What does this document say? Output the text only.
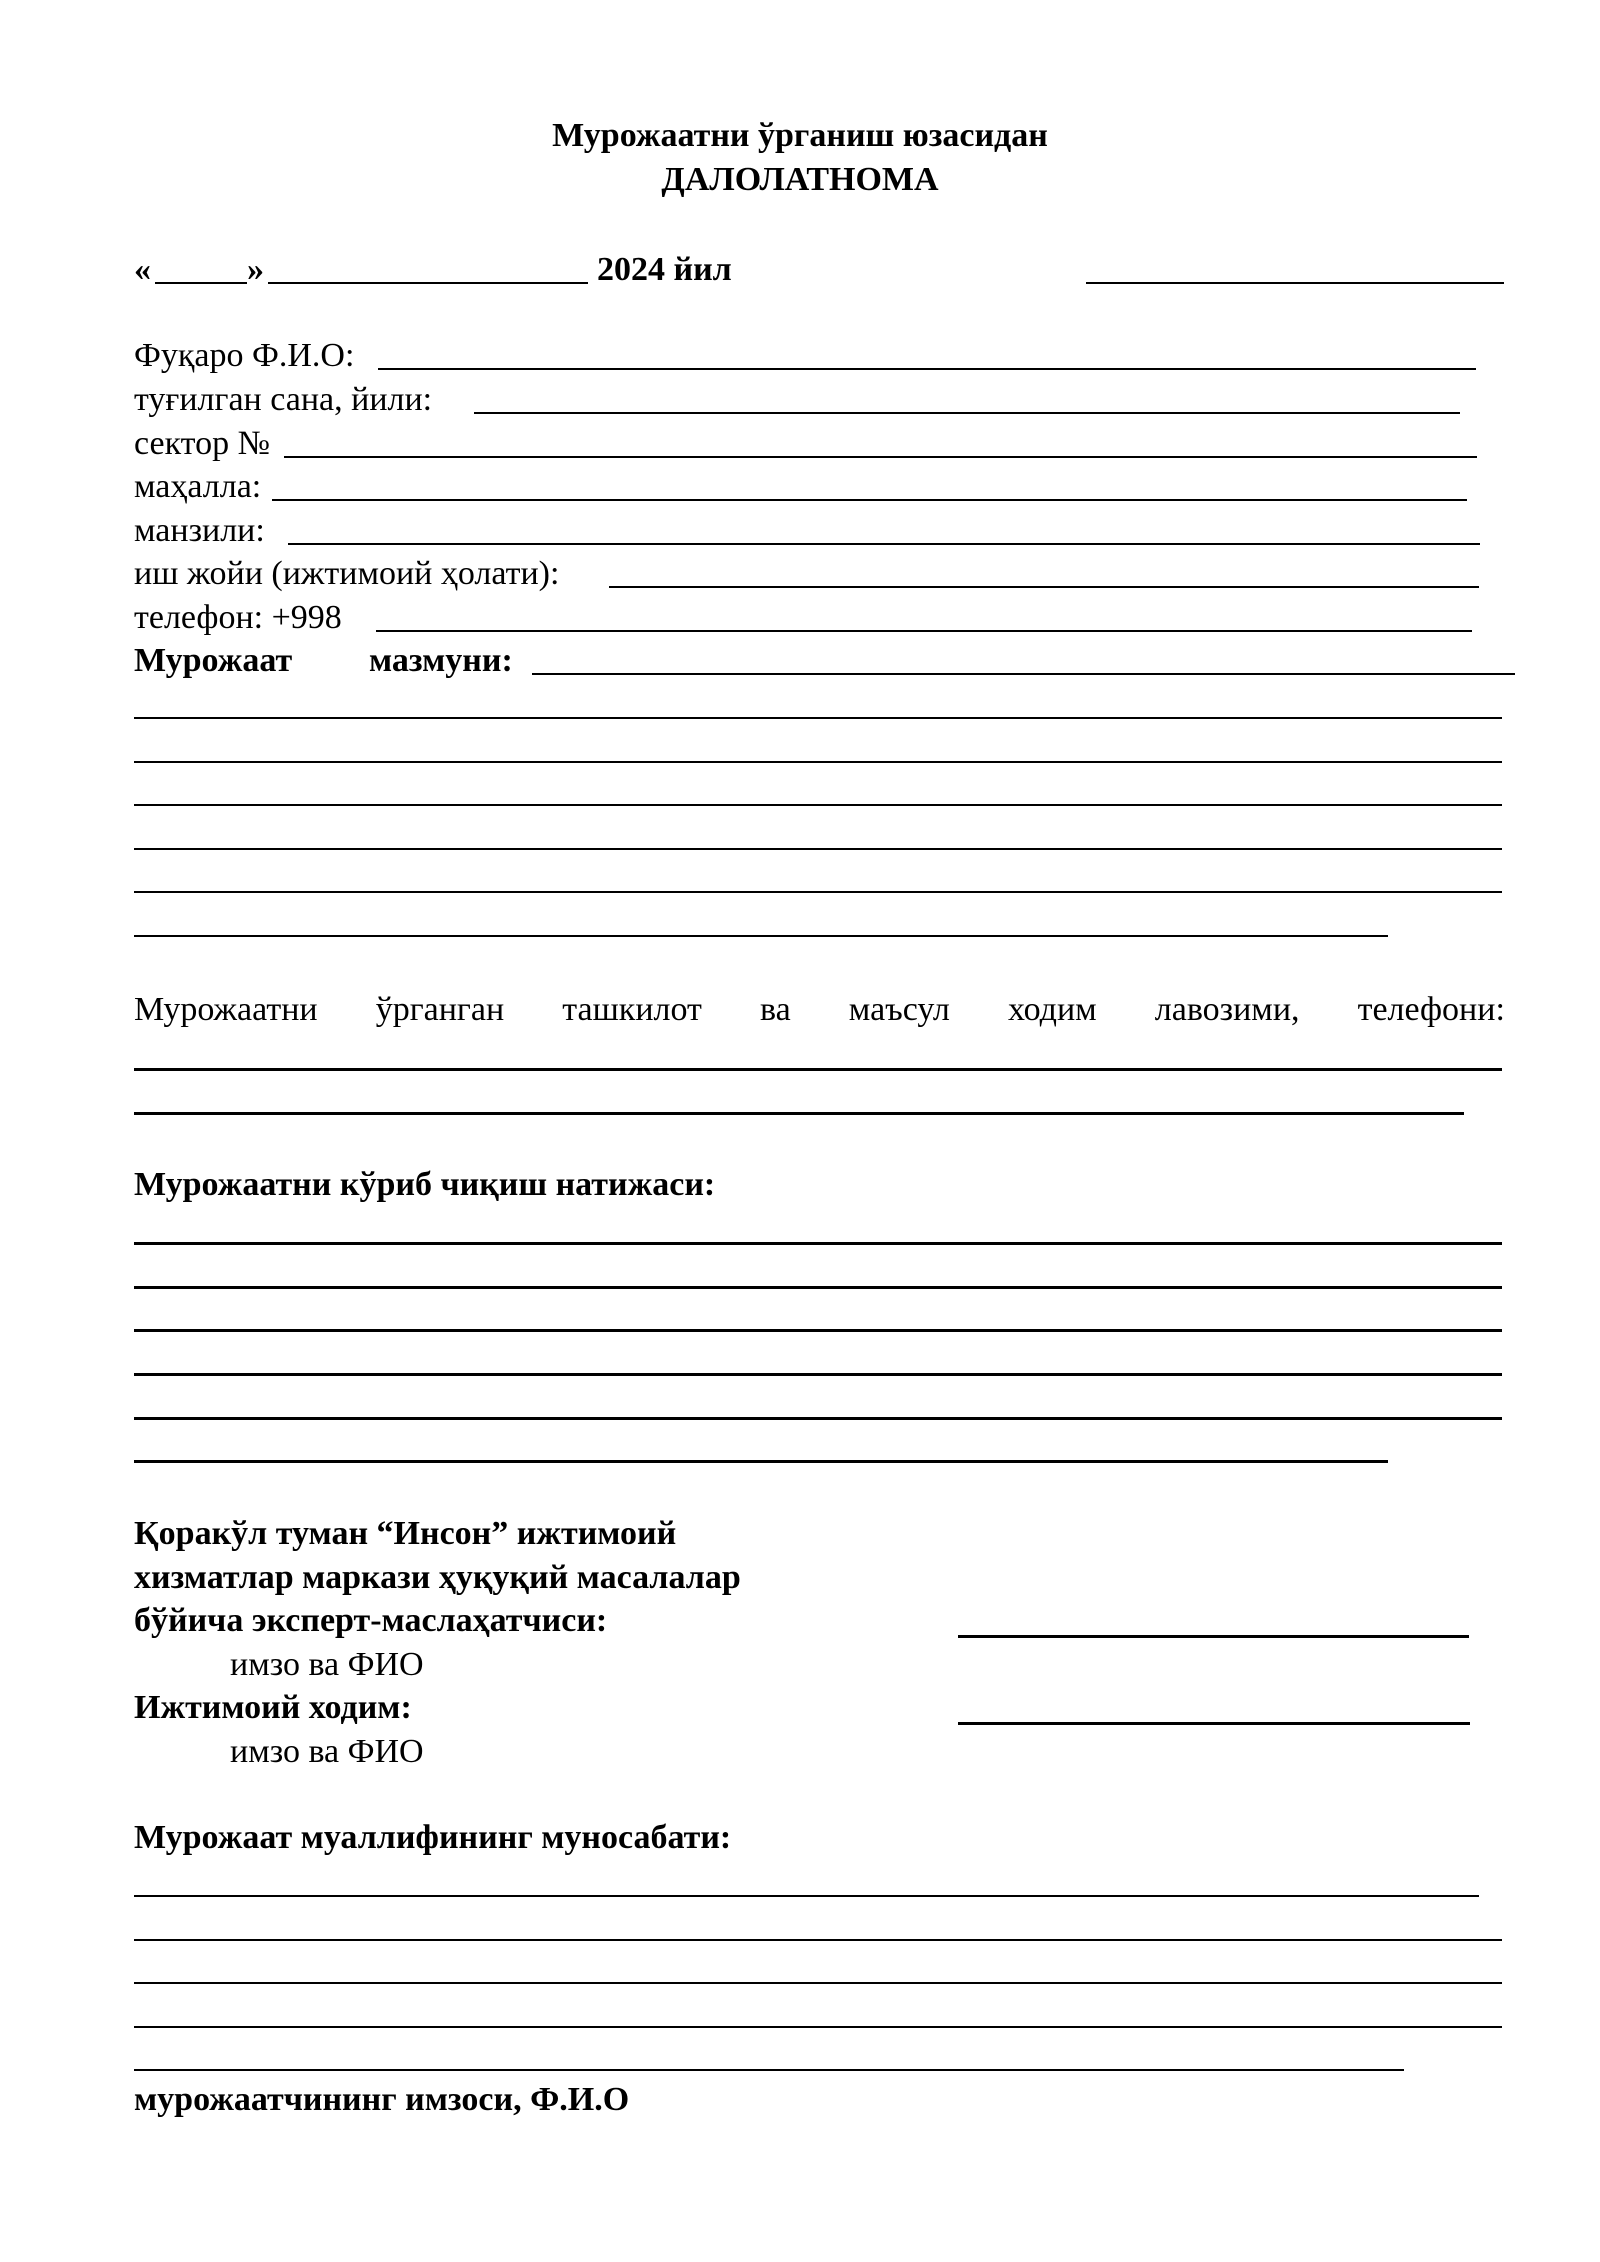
Мурожаатни ўрганиш юзасидан
ДАЛОЛАТНОМА
«	»	2024 йил
Фуқаро Ф.И.О:
туғилган сана, йили:
сектор №
маҳалла:
манзили:
иш жойи (ижтимоий ҳолати):
телефон: +998
Мурожаат мазмуни:
Мурожаатни ўрганган ташкилот ва маъсул ходим лавозими, телефони:
Мурожаатни кўриб чиқиш натижаси:
Қоракўл туман “Инсон” ижтимоий
хизматлар маркази ҳуқуқий масалалар
бўйича эксперт-маслаҳатчиси:
имзо ва ФИО
Ижтимоий ходим:
имзо ва ФИО
Мурожаат муаллифининг муносабати:
мурожаатчининг имзоси, Ф.И.О
